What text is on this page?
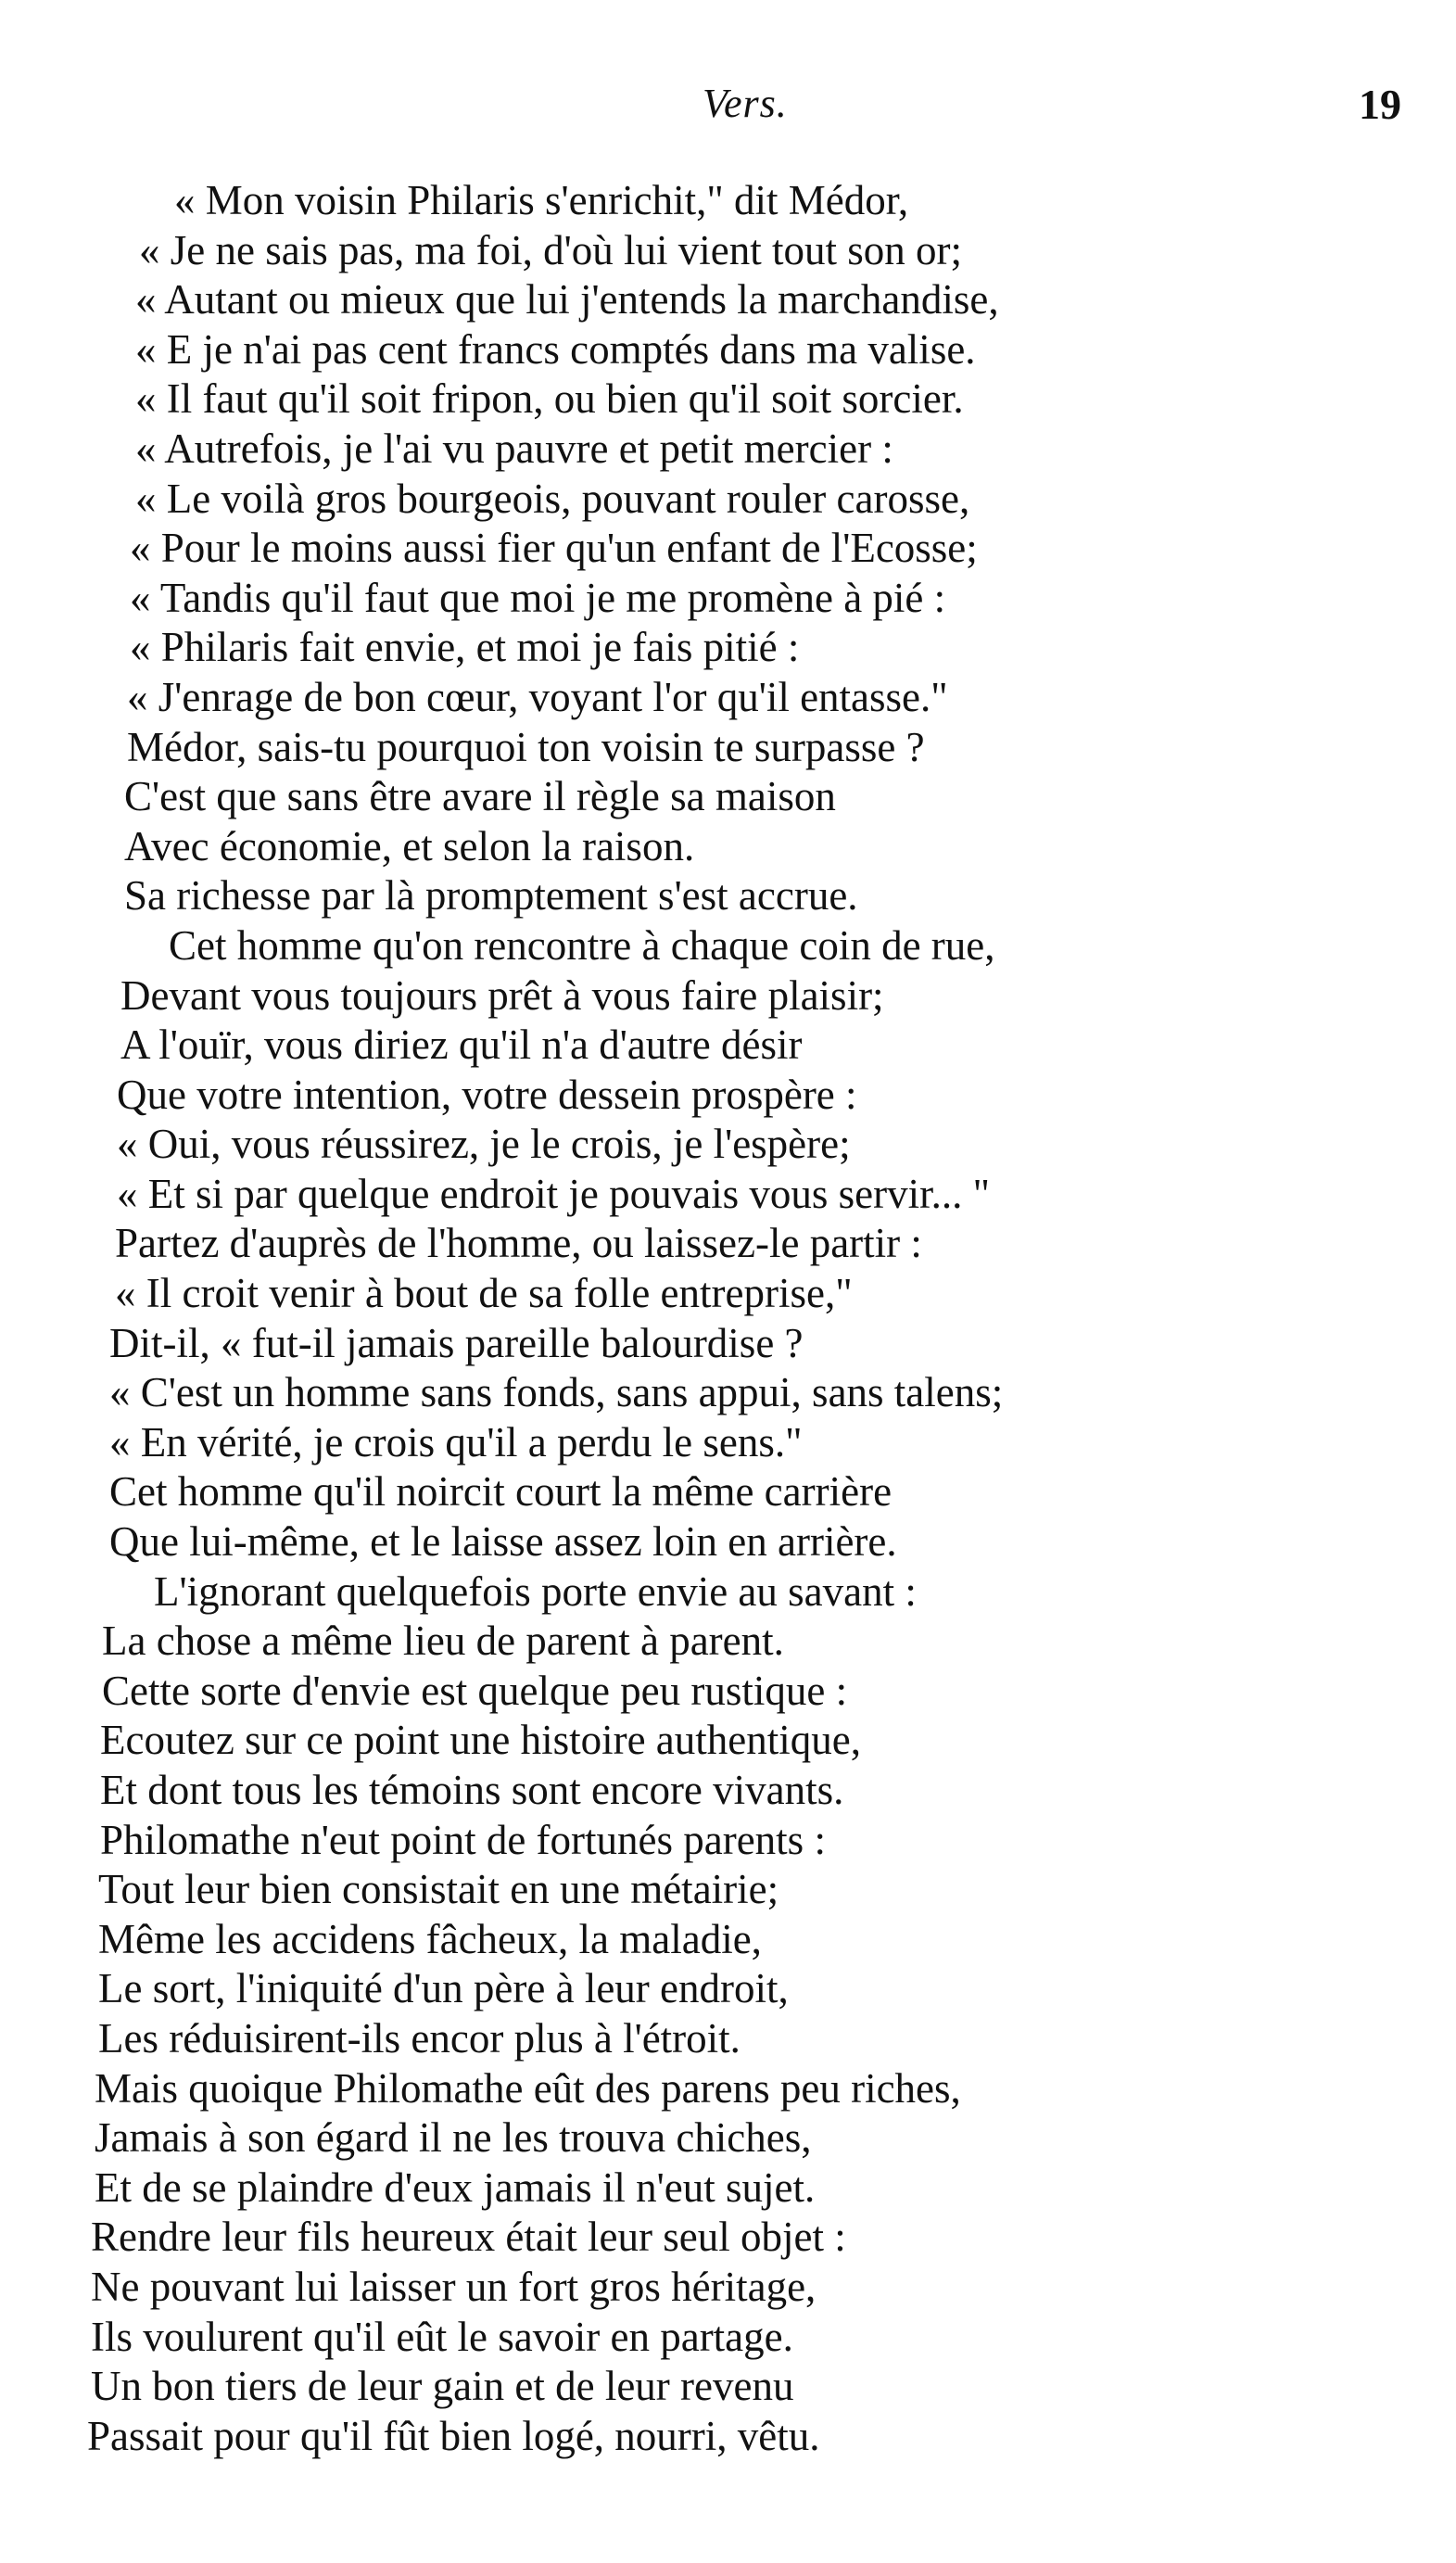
Vers.	19
« Mon voisin Philaris s'enrichit," dit Médor,
« Je ne sais pas, ma foi, d'où lui vient tout son or;
« Autant ou mieux que lui j'entends la marchandise,
« E je n'ai pas cent francs comptés dans ma valise.
« Il faut qu'il soit fripon, ou bien qu'il soit sorcier.
« Autrefois, je l'ai vu pauvre et petit mercier :
« Le voilà gros bourgeois, pouvant rouler carosse,
« Pour le moins aussi fier qu'un enfant de l'Ecosse;
« Tandis qu'il faut que moi je me promène à pié :
« Philaris fait envie, et moi je fais pitié :
« J'enrage de bon cœur, voyant l'or qu'il entasse."
Médor, sais-tu pourquoi ton voisin te surpasse ?
C'est que sans être avare il règle sa maison
Avec économie, et selon la raison.
Sa richesse par là promptement s'est accrue.
Cet homme qu'on rencontre à chaque coin de rue,
Devant vous toujours prêt à vous faire plaisir;
A l'ouïr, vous diriez qu'il n'a d'autre désir
Que votre intention, votre dessein prospère :
« Oui, vous réussirez, je le crois, je l'espère;
« Et si par quelque endroit je pouvais vous servir... "
Partez d'auprès de l'homme, ou laissez-le partir :
« Il croit venir à bout de sa folle entreprise,"
Dit-il, « fut-il jamais pareille balourdise ?
« C'est un homme sans fonds, sans appui, sans talens;
« En vérité, je crois qu'il a perdu le sens."
Cet homme qu'il noircit court la même carrière
Que lui-même, et le laisse assez loin en arrière.
L'ignorant quelquefois porte envie au savant :
La chose a même lieu de parent à parent.
Cette sorte d'envie est quelque peu rustique :
Ecoutez sur ce point une histoire authentique,
Et dont tous les témoins sont encore vivants.
Philomathe n'eut point de fortunés parents :
Tout leur bien consistait en une métairie;
Même les accidens fâcheux, la maladie,
Le sort, l'iniquité d'un père à leur endroit,
Les réduisirent-ils encor plus à l'étroit.
Mais quoique Philomathe eût des parens peu riches,
Jamais à son égard il ne les trouva chiches,
Et de se plaindre d'eux jamais il n'eut sujet.
Rendre leur fils heureux était leur seul objet :
Ne pouvant lui laisser un fort gros héritage,
Ils voulurent qu'il eût le savoir en partage.
Un bon tiers de leur gain et de leur revenu
Passait pour qu'il fût bien logé, nourri, vêtu.
